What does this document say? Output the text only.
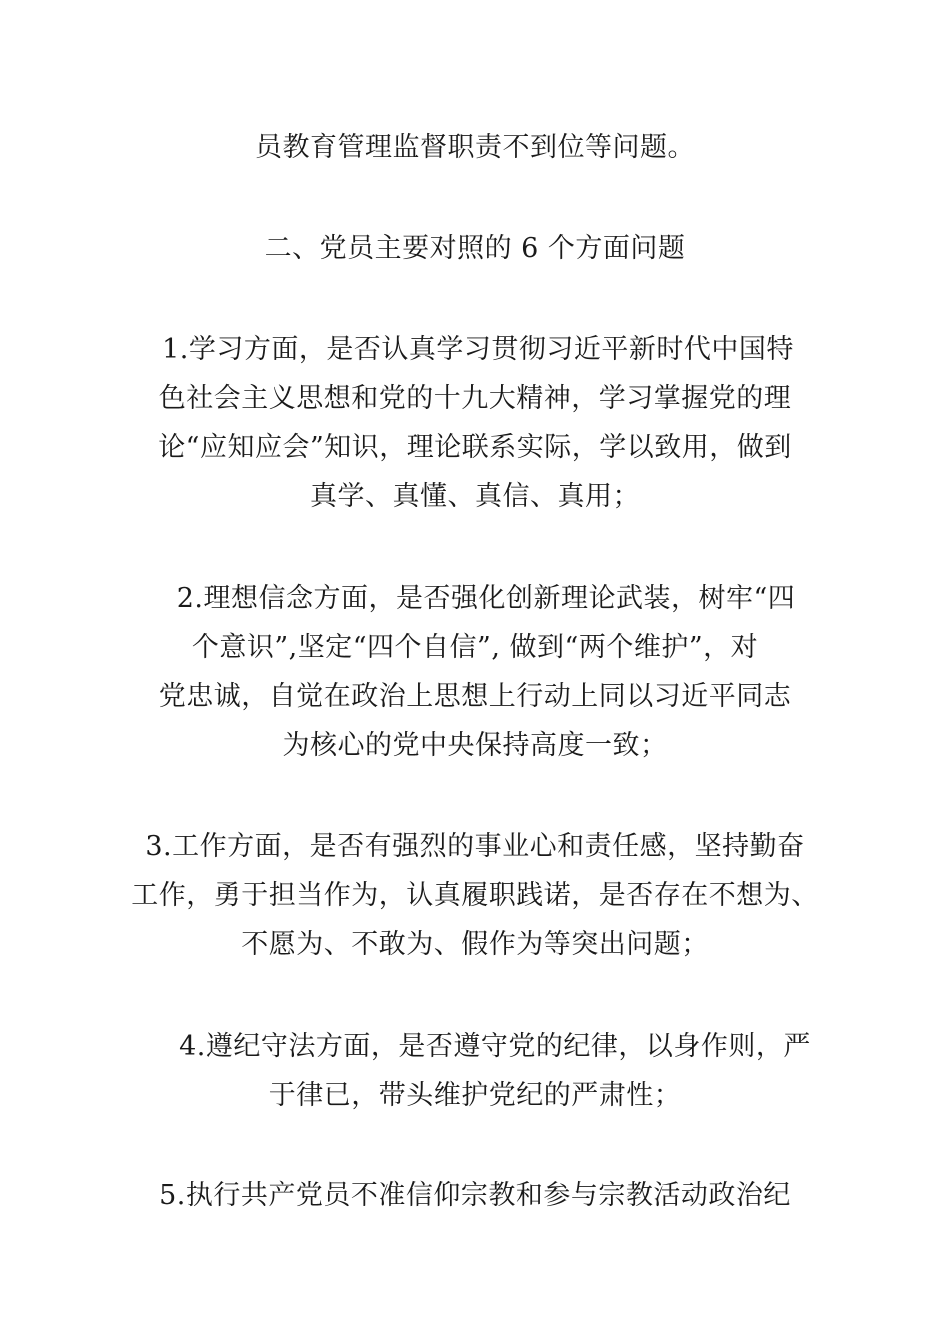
员教育管理监督职责不到位等问题。
二、党员主要对照的 6 个方面问题
1.学习方面，是否认真学习贯彻习近平新时代中国特
色社会主义思想和党的十九大精神，学习掌握党的理
论“应知应会”知识，理论联系实际，学以致用，做到
真学、真懂、真信、真用；
2.理想信念方面，是否强化创新理论武装，树牢“四
个意识”,坚定“四个自信”, 做到“两个维护”，对
党忠诚，自觉在政治上思想上行动上同以习近平同志
为核心的党中央保持高度一致；
3.工作方面，是否有强烈的事业心和责任感，坚持勤奋
工作，勇于担当作为，认真履职践诺，是否存在不想为、
不愿为、不敢为、假作为等突出问题；
4.遵纪守法方面，是否遵守党的纪律，以身作则，严
于律已，带头维护党纪的严肃性；
5.执行共产党员不准信仰宗教和参与宗教活动政治纪
